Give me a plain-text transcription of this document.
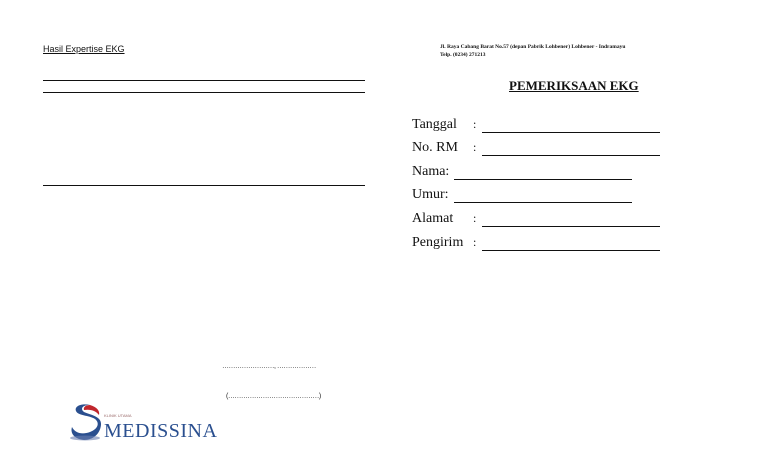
Hasil Expertise EKG
……………………, ………………
(……………………………………)
KLINIK UTAMA
MEDISSINA
Jl. Raya Cabang Barat No.57 (depan Pabrik Lohbener) Lohbener - Indramayu
Telp. (0234) 271213
PEMERIKSAAN EKG
Tanggal :
No. RM :
Nama:
Umur:
Alamat :
Pengirim :
